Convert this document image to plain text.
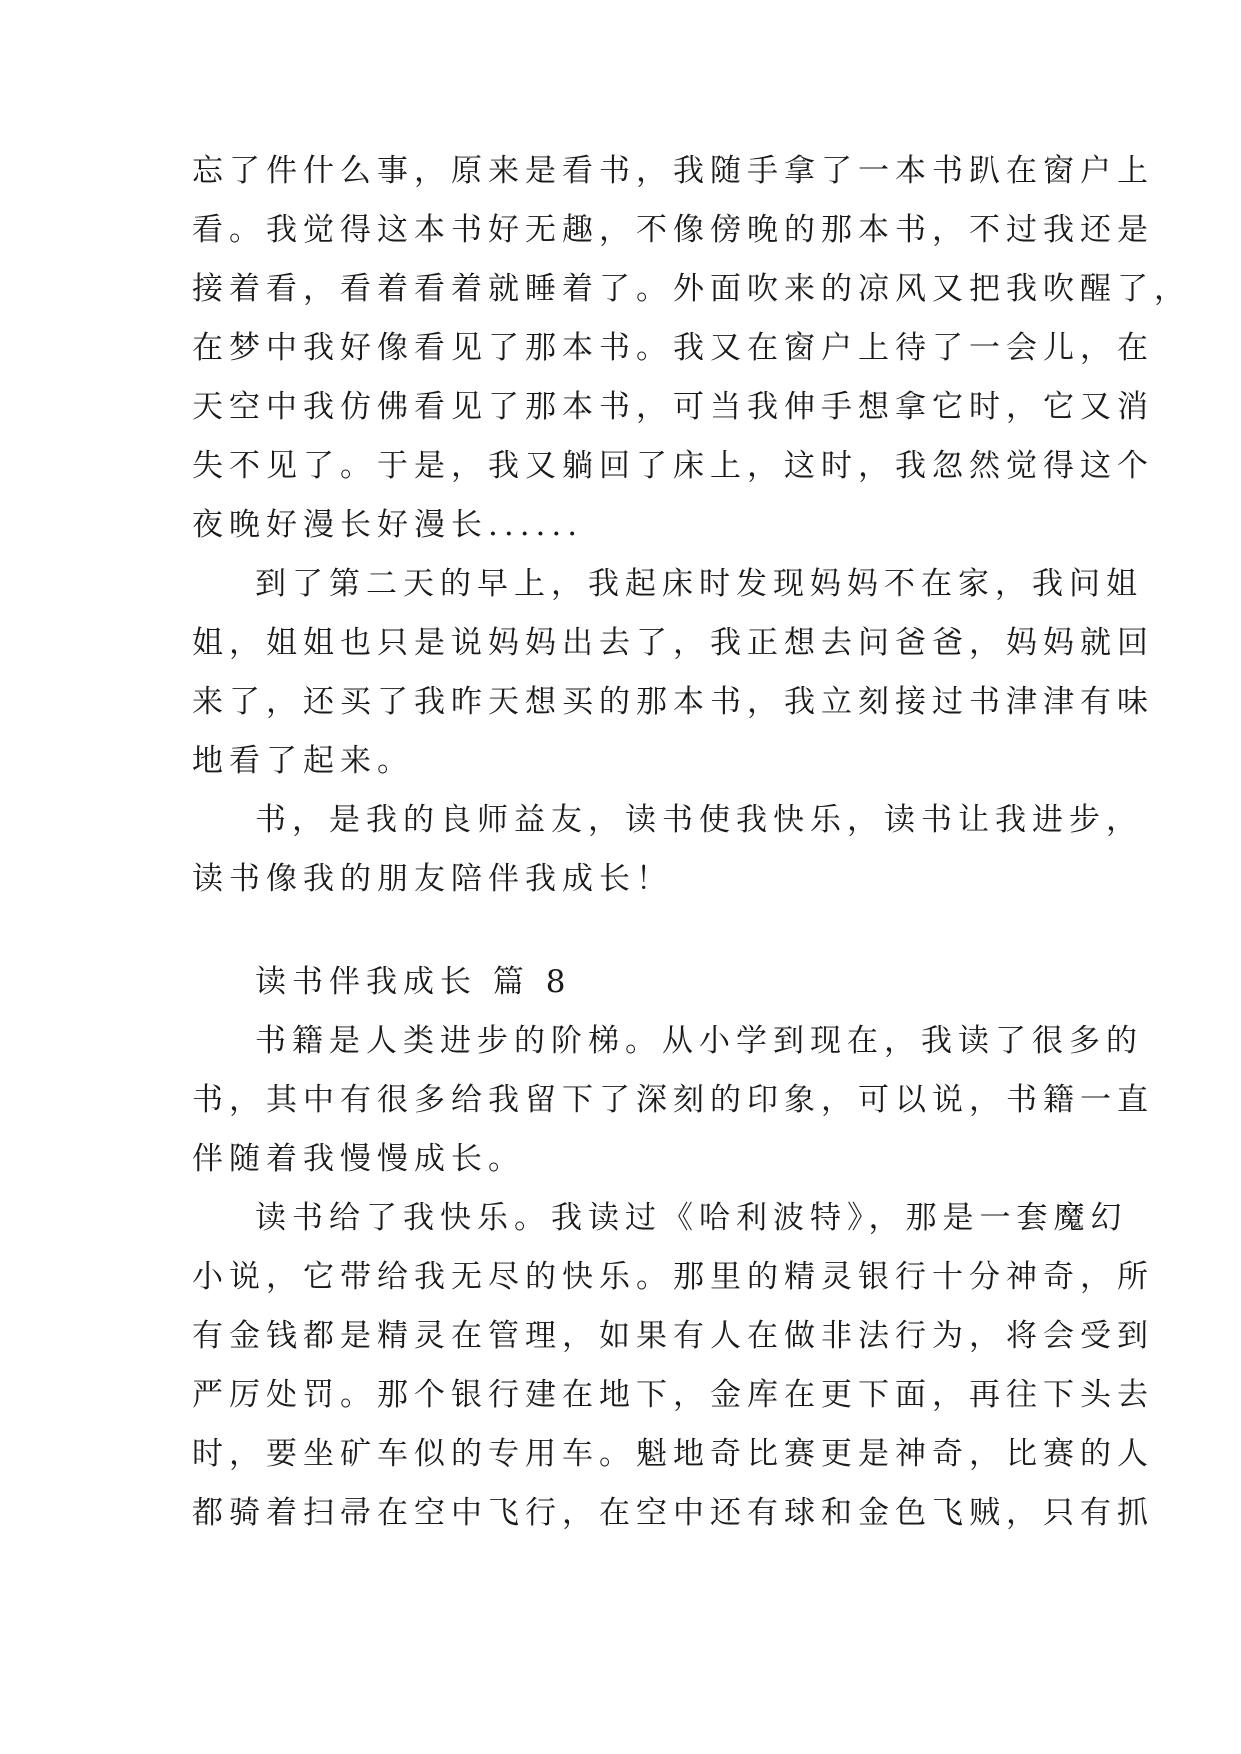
忘了件什么事，原来是看书，我随手拿了一本书趴在窗户上
看。我觉得这本书好无趣，不像傍晚的那本书，不过我还是
接着看，看着看着就睡着了。外面吹来的凉风又把我吹醒了，
在梦中我好像看见了那本书。我又在窗户上待了一会儿，在
天空中我仿佛看见了那本书，可当我伸手想拿它时，它又消
失不见了。于是，我又躺回了床上，这时，我忽然觉得这个
夜晚好漫长好漫长......
到了第二天的早上，我起床时发现妈妈不在家，我问姐
姐，姐姐也只是说妈妈出去了，我正想去问爸爸，妈妈就回
来了，还买了我昨天想买的那本书，我立刻接过书津津有味
地看了起来。
书，是我的良师益友，读书使我快乐，读书让我进步，
读书像我的朋友陪伴我成长！
读书伴我成长 篇 8
书籍是人类进步的阶梯。从小学到现在，我读了很多的
书，其中有很多给我留下了深刻的印象，可以说，书籍一直
伴随着我慢慢成长。
读书给了我快乐。我读过《哈利波特》，那是一套魔幻
小说，它带给我无尽的快乐。那里的精灵银行十分神奇，所
有金钱都是精灵在管理，如果有人在做非法行为，将会受到
严厉处罚。那个银行建在地下，金库在更下面，再往下头去
时，要坐矿车似的专用车。魁地奇比赛更是神奇，比赛的人
都骑着扫帚在空中飞行，在空中还有球和金色飞贼，只有抓
